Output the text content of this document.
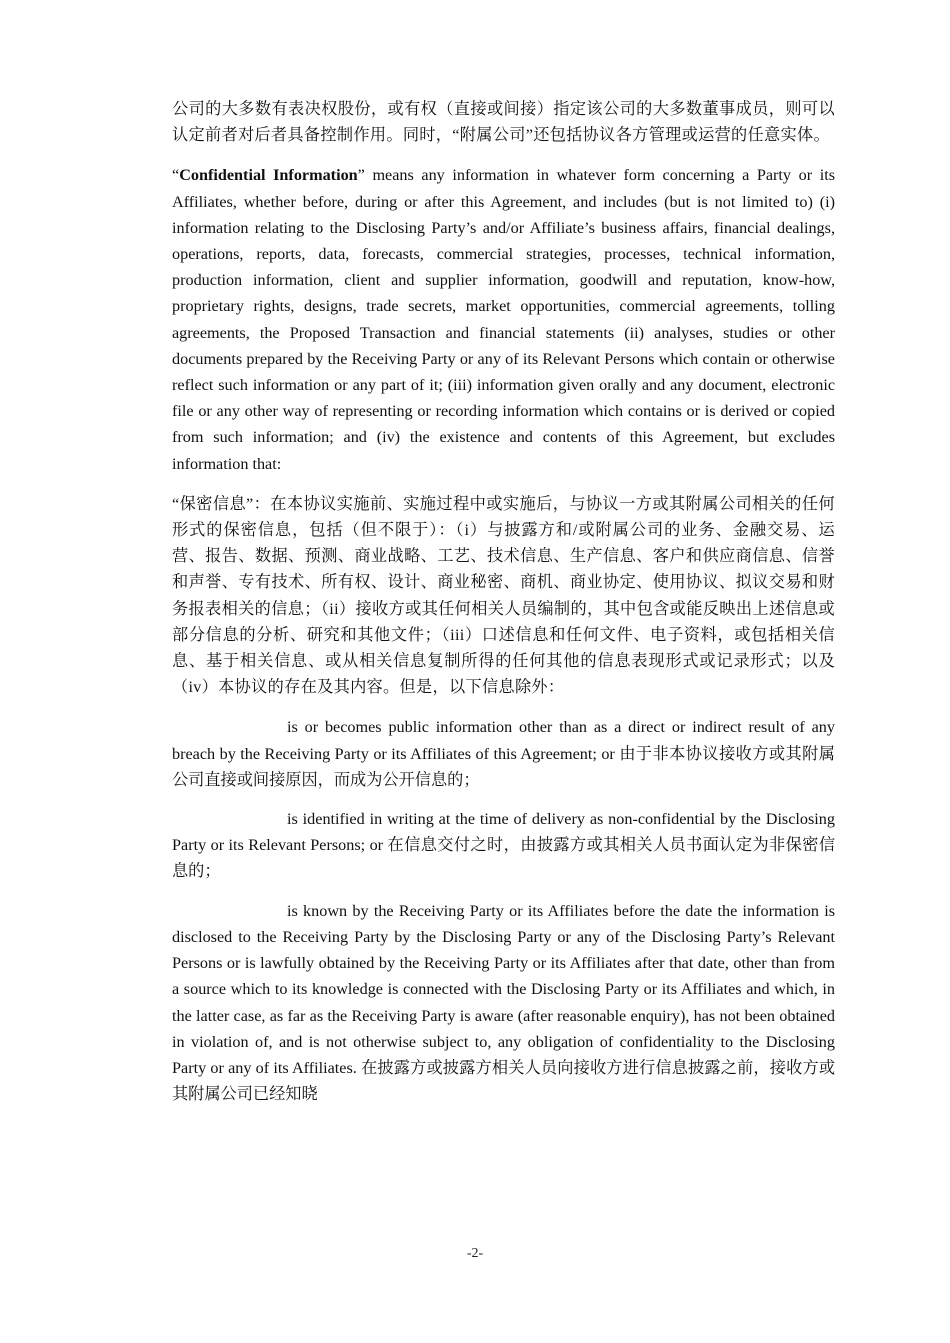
公司的大多数有表决权股份，或有权（直接或间接）指定该公司的大多数董事成员，则可以认定前者对后者具备控制作用。同时，“附属公司”还包括协议各方管理或运营的任意实体。

“Confidential Information” means any information in whatever form concerning a Party or its Affiliates, whether before, during or after this Agreement, and includes (but is not limited to) (i) information relating to the Disclosing Party’s and/or Affiliate’s business affairs, financial dealings, operations, reports, data, forecasts, commercial strategies, processes, technical information, production information, client and supplier information, goodwill and reputation, know-how, proprietary rights, designs, trade secrets, market opportunities, commercial agreements, tolling agreements, the Proposed Transaction and financial statements (ii) analyses, studies or other documents prepared by the Receiving Party or any of its Relevant Persons which contain or otherwise reflect such information or any part of it; (iii) information given orally and any document, electronic file or any other way of representing or recording information which contains or is derived or copied from such information; and (iv) the existence and contents of this Agreement, but excludes information that:

“保密信息”：在本协议实施前、实施过程中或实施后，与协议一方或其附属公司相关的任何形式的保密信息，包括（但不限于）：（i）与披露方和/或附属公司的业务、金融交易、运营、报告、数据、预测、商业战略、工艺、技术信息、生产信息、客户和供应商信息、信誉和声誉、专有技术、所有权、设计、商业秘密、商机、商业协定、使用协议、拟议交易和财务报表相关的信息；（ii）接收方或其任何相关人员编制的，其中包含或能反映出上述信息或部分信息的分析、研究和其他文件；（iii）口述信息和任何文件、电子资料，或包括相关信息、基于相关信息、或从相关信息复制所得的任何其他的信息表现形式或记录形式；以及（iv）本协议的存在及其内容。但是，以下信息除外：

is or becomes public information other than as a direct or indirect result of any breach by the Receiving Party or its Affiliates of this Agreement; or 由于非本协议接收方或其附属公司直接或间接原因，而成为公开信息的；

is identified in writing at the time of delivery as non-confidential by the Disclosing Party or its Relevant Persons; or 在信息交付之时，由披露方或其相关人员书面认定为非保密信息的；

is known by the Receiving Party or its Affiliates before the date the information is disclosed to the Receiving Party by the Disclosing Party or any of the Disclosing Party’s Relevant Persons or is lawfully obtained by the Receiving Party or its Affiliates after that date, other than from a source which to its knowledge is connected with the Disclosing Party or its Affiliates and which, in the latter case, as far as the Receiving Party is aware (after reasonable enquiry), has not been obtained in violation of, and is not otherwise subject to, any obligation of confidentiality to the Disclosing Party or any of its Affiliates. 在披露方或披露方相关人员向接收方进行信息披露之前，接收方或其附属公司已经知晓

-2-
